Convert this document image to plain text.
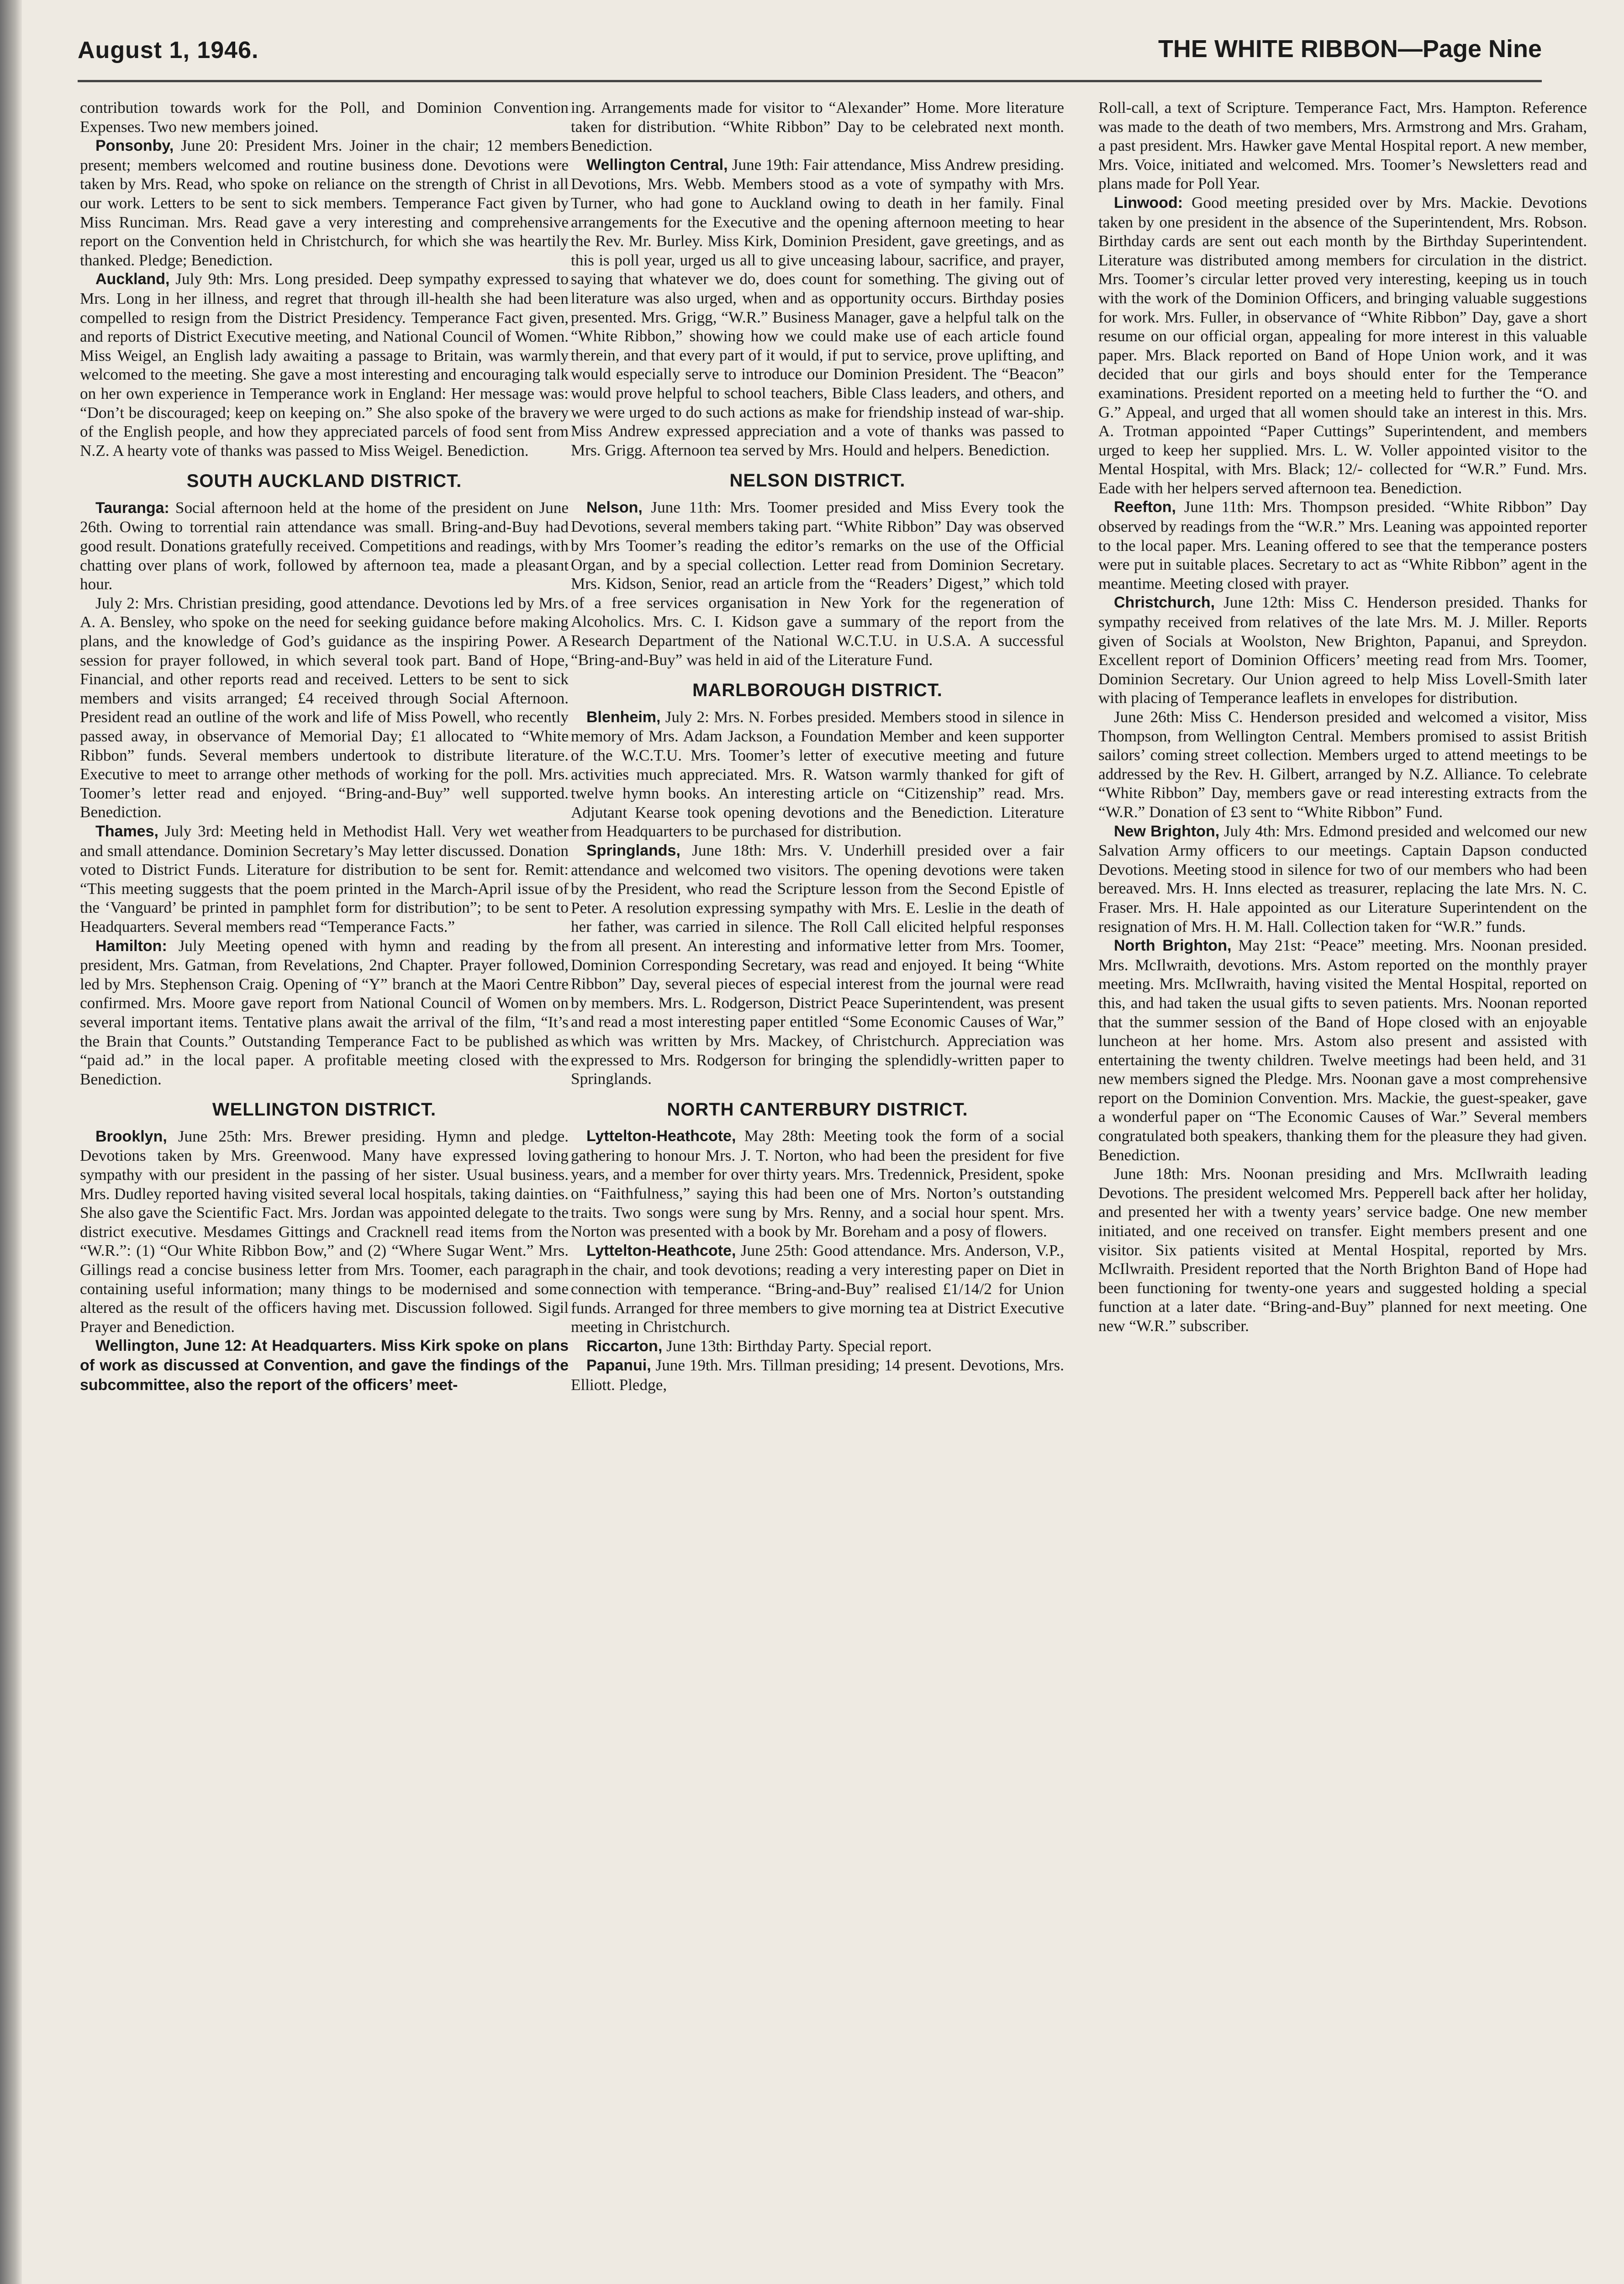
August 1, 1946.	THE WHITE RIBBON—Page Nine

contribution towards work for the Poll, and Dominion Convention Expenses. Two new members joined.

Ponsonby, June 20: President Mrs. Joiner in the chair; 12 members present; members welcomed and routine business done. Devotions were taken by Mrs. Read, who spoke on reliance on the strength of Christ in all our work. Letters to be sent to sick members. Temperance Fact given by Miss Runciman. Mrs. Read gave a very interesting and comprehensive report on the Convention held in Christchurch, for which she was heartily thanked. Pledge; Benediction.

Auckland, July 9th: Mrs. Long presided. Deep sympathy expressed to Mrs. Long in her illness, and regret that through ill-health she had been compelled to resign from the District Presidency. Temperance Fact given, and reports of District Executive meeting, and National Council of Women. Miss Weigel, an English lady awaiting a passage to Britain, was warmly welcomed to the meeting. She gave a most interesting and encouraging talk on her own experience in Temperance work in England: Her message was: “Don’t be discouraged; keep on keeping on.” She also spoke of the bravery of the English people, and how they appreciated parcels of food sent from N.Z. A hearty vote of thanks was passed to Miss Weigel. Benediction.

SOUTH AUCKLAND DISTRICT.

Tauranga: Social afternoon held at the home of the president on June 26th. Owing to torrential rain attendance was small. Bring-and-Buy had good result. Donations gratefully received. Competitions and readings, with chatting over plans of work, followed by afternoon tea, made a pleasant hour.

July 2: Mrs. Christian presiding, good attendance. Devotions led by Mrs. A. A. Bensley, who spoke on the need for seeking guidance before making plans, and the knowledge of God’s guidance as the inspiring Power. A session for prayer followed, in which several took part. Band of Hope, Financial, and other reports read and received. Letters to be sent to sick members and visits arranged; £4 received through Social Afternoon. President read an outline of the work and life of Miss Powell, who recently passed away, in observance of Memorial Day; £1 allocated to “White Ribbon” funds. Several members undertook to distribute literature. Executive to meet to arrange other methods of working for the poll. Mrs. Toomer’s letter read and enjoyed. “Bring-and-Buy” well supported. Benediction.

Thames, July 3rd: Meeting held in Methodist Hall. Very wet weather and small attendance. Dominion Secretary’s May letter discussed. Donation voted to District Funds. Literature for distribution to be sent for. Remit: “This meeting suggests that the poem printed in the March-April issue of the ‘Vanguard’ be printed in pamphlet form for distribution”; to be sent to Headquarters. Several members read “Temperance Facts.”

Hamilton: July Meeting opened with hymn and reading by the president, Mrs. Gatman, from Revelations, 2nd Chapter. Prayer followed, led by Mrs. Stephenson Craig. Opening of “Y” branch at the Maori Centre confirmed. Mrs. Moore gave report from National Council of Women on several important items. Tentative plans await the arrival of the film, “It’s the Brain that Counts.” Outstanding Temperance Fact to be published as “paid ad.” in the local paper. A profitable meeting closed with the Benediction.

WELLINGTON DISTRICT.

Brooklyn, June 25th: Mrs. Brewer presiding. Hymn and pledge. Devotions taken by Mrs. Greenwood. Many have expressed loving sympathy with our president in the passing of her sister. Usual business. Mrs. Dudley reported having visited several local hospitals, taking dainties. She also gave the Scientific Fact. Mrs. Jordan was appointed delegate to the district executive. Mesdames Gittings and Cracknell read items from the “W.R.”: (1) “Our White Ribbon Bow,” and (2) “Where Sugar Went.” Mrs. Gillings read a concise business letter from Mrs. Toomer, each paragraph containing useful information; many things to be modernised and some altered as the result of the officers having met. Discussion followed. Sigil Prayer and Benediction.

Wellington, June 12: At Headquarters. Miss Kirk spoke on plans of work as discussed at Convention, and gave the findings of the subcommittee, also the report of the officers’ meet-

ing. Arrangements made for visitor to “Alexander” Home. More literature taken for distribution. “White Ribbon” Day to be celebrated next month. Benediction.

Wellington Central, June 19th: Fair attendance, Miss Andrew presiding. Devotions, Mrs. Webb. Members stood as a vote of sympathy with Mrs. Turner, who had gone to Auckland owing to death in her family. Final arrangements for the Executive and the opening afternoon meeting to hear the Rev. Mr. Burley. Miss Kirk, Dominion President, gave greetings, and as this is poll year, urged us all to give unceasing labour, sacrifice, and prayer, saying that whatever we do, does count for something. The giving out of literature was also urged, when and as opportunity occurs. Birthday posies presented. Mrs. Grigg, “W.R.” Business Manager, gave a helpful talk on the “White Ribbon,” showing how we could make use of each article found therein, and that every part of it would, if put to service, prove uplifting, and would especially serve to introduce our Dominion President. The “Beacon” would prove helpful to school teachers, Bible Class leaders, and others, and we were urged to do such actions as make for friendship instead of war-ship. Miss Andrew expressed appreciation and a vote of thanks was passed to Mrs. Grigg. Afternoon tea served by Mrs. Hould and helpers. Benediction.

NELSON DISTRICT.

Nelson, June 11th: Mrs. Toomer presided and Miss Every took the Devotions, several members taking part. “White Ribbon” Day was observed by Mrs Toomer’s reading the editor’s remarks on the use of the Official Organ, and by a special collection. Letter read from Dominion Secretary. Mrs. Kidson, Senior, read an article from the “Readers’ Digest,” which told of a free services organisation in New York for the regeneration of Alcoholics. Mrs. C. I. Kidson gave a summary of the report from the Research Department of the National W.C.T.U. in U.S.A. A successful “Bring-and-Buy” was held in aid of the Literature Fund.

MARLBOROUGH DISTRICT.

Blenheim, July 2: Mrs. N. Forbes presided. Members stood in silence in memory of Mrs. Adam Jackson, a Foundation Member and keen supporter of the W.C.T.U. Mrs. Toomer’s letter of executive meeting and future activities much appreciated. Mrs. R. Watson warmly thanked for gift of twelve hymn books. An interesting article on “Citizenship” read. Mrs. Adjutant Kearse took opening devotions and the Benediction. Literature from Headquarters to be purchased for distribution.

Springlands, June 18th: Mrs. V. Underhill presided over a fair attendance and welcomed two visitors. The opening devotions were taken by the President, who read the Scripture lesson from the Second Epistle of Peter. A resolution expressing sympathy with Mrs. E. Leslie in the death of her father, was carried in silence. The Roll Call elicited helpful responses from all present. An interesting and informative letter from Mrs. Toomer, Dominion Corresponding Secretary, was read and enjoyed. It being “White Ribbon” Day, several pieces of especial interest from the journal were read by members. Mrs. L. Rodgerson, District Peace Superintendent, was present and read a most interesting paper entitled “Some Economic Causes of War,” which was written by Mrs. Mackey, of Christchurch. Appreciation was expressed to Mrs. Rodgerson for bringing the splendidly-written paper to Springlands.

NORTH CANTERBURY DISTRICT.

Lyttelton-Heathcote, May 28th: Meeting took the form of a social gathering to honour Mrs. J. T. Norton, who had been the president for five years, and a member for over thirty years. Mrs. Tredennick, President, spoke on “Faithfulness,” saying this had been one of Mrs. Norton’s outstanding traits. Two songs were sung by Mrs. Renny, and a social hour spent. Mrs. Norton was presented with a book by Mr. Boreham and a posy of flowers.

Lyttelton-Heathcote, June 25th: Good attendance. Mrs. Anderson, V.P., in the chair, and took devotions; reading a very interesting paper on Diet in connection with temperance. “Bring-and-Buy” realised £1/14/2 for Union funds. Arranged for three members to give morning tea at District Executive meeting in Christchurch.

Riccarton, June 13th: Birthday Party. Special report.

Papanui, June 19th. Mrs. Tillman presiding; 14 present. Devotions, Mrs. Elliott. Pledge,

Roll-call, a text of Scripture. Temperance Fact, Mrs. Hampton. Reference was made to the death of two members, Mrs. Armstrong and Mrs. Graham, a past president. Mrs. Hawker gave Mental Hospital report. A new member, Mrs. Voice, initiated and welcomed. Mrs. Toomer’s Newsletters read and plans made for Poll Year.

Linwood: Good meeting presided over by Mrs. Mackie. Devotions taken by one president in the absence of the Superintendent, Mrs. Robson. Birthday cards are sent out each month by the Birthday Superintendent. Literature was distributed among members for circulation in the district. Mrs. Toomer’s circular letter proved very interesting, keeping us in touch with the work of the Dominion Officers, and bringing valuable suggestions for work. Mrs. Fuller, in observance of “White Ribbon” Day, gave a short resume on our official organ, appealing for more interest in this valuable paper. Mrs. Black reported on Band of Hope Union work, and it was decided that our girls and boys should enter for the Temperance examinations. President reported on a meeting held to further the “O. and G.” Appeal, and urged that all women should take an interest in this. Mrs. A. Trotman appointed “Paper Cuttings” Superintendent, and members urged to keep her supplied. Mrs. L. W. Voller appointed visitor to the Mental Hospital, with Mrs. Black; 12/- collected for “W.R.” Fund. Mrs. Eade with her helpers served afternoon tea. Benediction.

Reefton, June 11th: Mrs. Thompson presided. “White Ribbon” Day observed by readings from the “W.R.” Mrs. Leaning was appointed reporter to the local paper. Mrs. Leaning offered to see that the temperance posters were put in suitable places. Secretary to act as “White Ribbon” agent in the meantime. Meeting closed with prayer.

Christchurch, June 12th: Miss C. Henderson presided. Thanks for sympathy received from relatives of the late Mrs. M. J. Miller. Reports given of Socials at Woolston, New Brighton, Papanui, and Spreydon. Excellent report of Dominion Officers’ meeting read from Mrs. Toomer, Dominion Secretary. Our Union agreed to help Miss Lovell-Smith later with placing of Temperance leaflets in envelopes for distribution.

June 26th: Miss C. Henderson presided and welcomed a visitor, Miss Thompson, from Wellington Central. Members promised to assist British sailors’ coming street collection. Members urged to attend meetings to be addressed by the Rev. H. Gilbert, arranged by N.Z. Alliance. To celebrate “White Ribbon” Day, members gave or read interesting extracts from the “W.R.” Donation of £3 sent to “White Ribbon” Fund.

New Brighton, July 4th: Mrs. Edmond presided and welcomed our new Salvation Army officers to our meetings. Captain Dapson conducted Devotions. Meeting stood in silence for two of our members who had been bereaved. Mrs. H. Inns elected as treasurer, replacing the late Mrs. N. C. Fraser. Mrs. H. Hale appointed as our Literature Superintendent on the resignation of Mrs. H. M. Hall. Collection taken for “W.R.” funds.

North Brighton, May 21st: “Peace” meeting. Mrs. Noonan presided. Mrs. McIlwraith, devotions. Mrs. Astom reported on the monthly prayer meeting. Mrs. McIlwraith, having visited the Mental Hospital, reported on this, and had taken the usual gifts to seven patients. Mrs. Noonan reported that the summer session of the Band of Hope closed with an enjoyable luncheon at her home. Mrs. Astom also present and assisted with entertaining the twenty children. Twelve meetings had been held, and 31 new members signed the Pledge. Mrs. Noonan gave a most comprehensive report on the Dominion Convention. Mrs. Mackie, the guest-speaker, gave a wonderful paper on “The Economic Causes of War.” Several members congratulated both speakers, thanking them for the pleasure they had given. Benediction.

June 18th: Mrs. Noonan presiding and Mrs. McIlwraith leading Devotions. The president welcomed Mrs. Pepperell back after her holiday, and presented her with a twenty years’ service badge. One new member initiated, and one received on transfer. Eight members present and one visitor. Six patients visited at Mental Hospital, reported by Mrs. McIlwraith. President reported that the North Brighton Band of Hope had been functioning for twenty-one years and suggested holding a special function at a later date. “Bring-and-Buy” planned for next meeting. One new “W.R.” subscriber.
